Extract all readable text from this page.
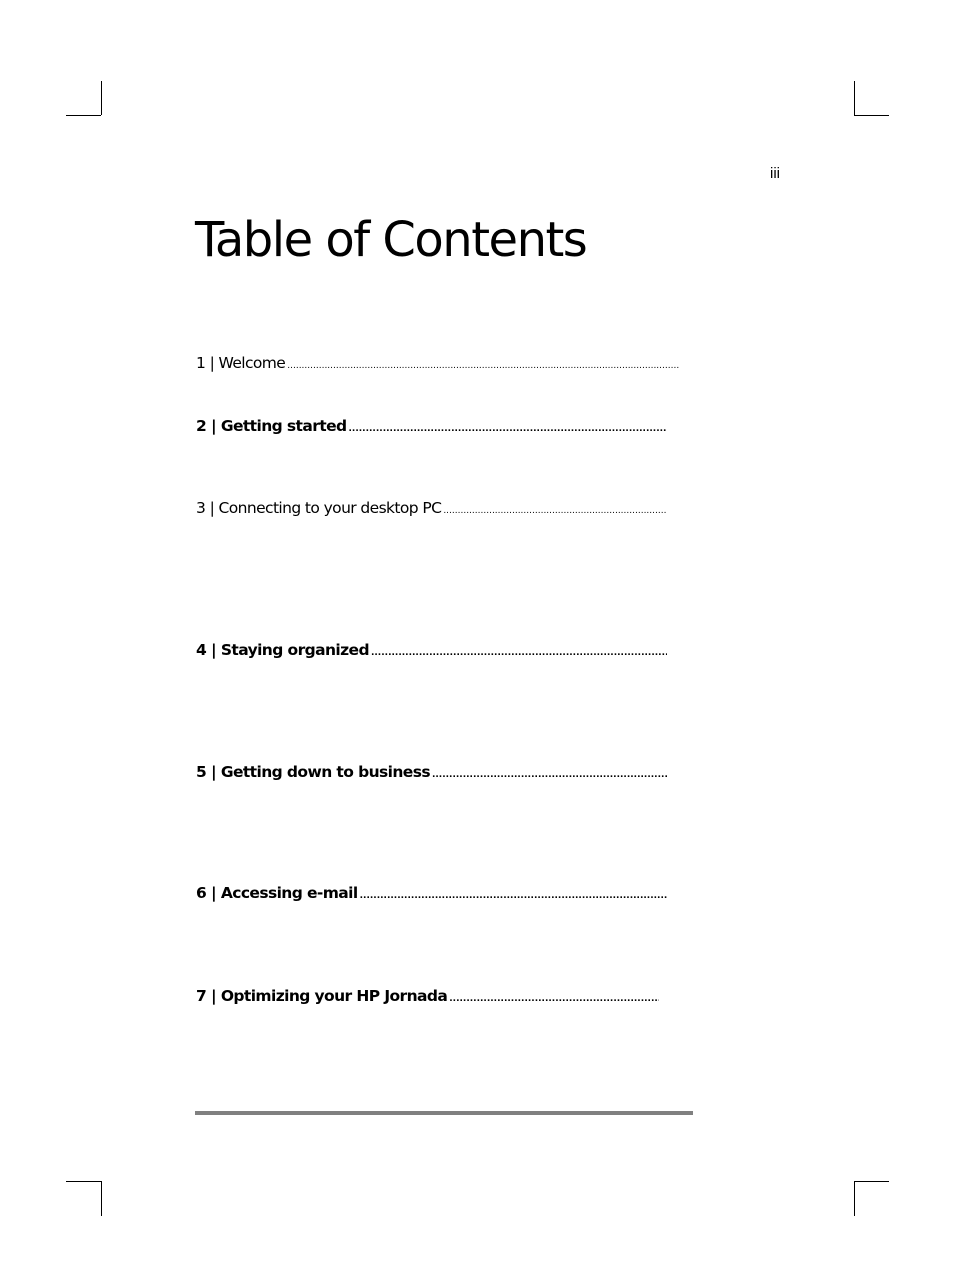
iii
Table of Contents
1 | Welcome
.....
2 | Getting started
.....
3 | Connecting to your desktop PC
.....
4 | Staying organized
.....
5 | Getting down to business
.....
6 | Accessing e-mail
.....
7 | Optimizing your HP Jornada
.....
